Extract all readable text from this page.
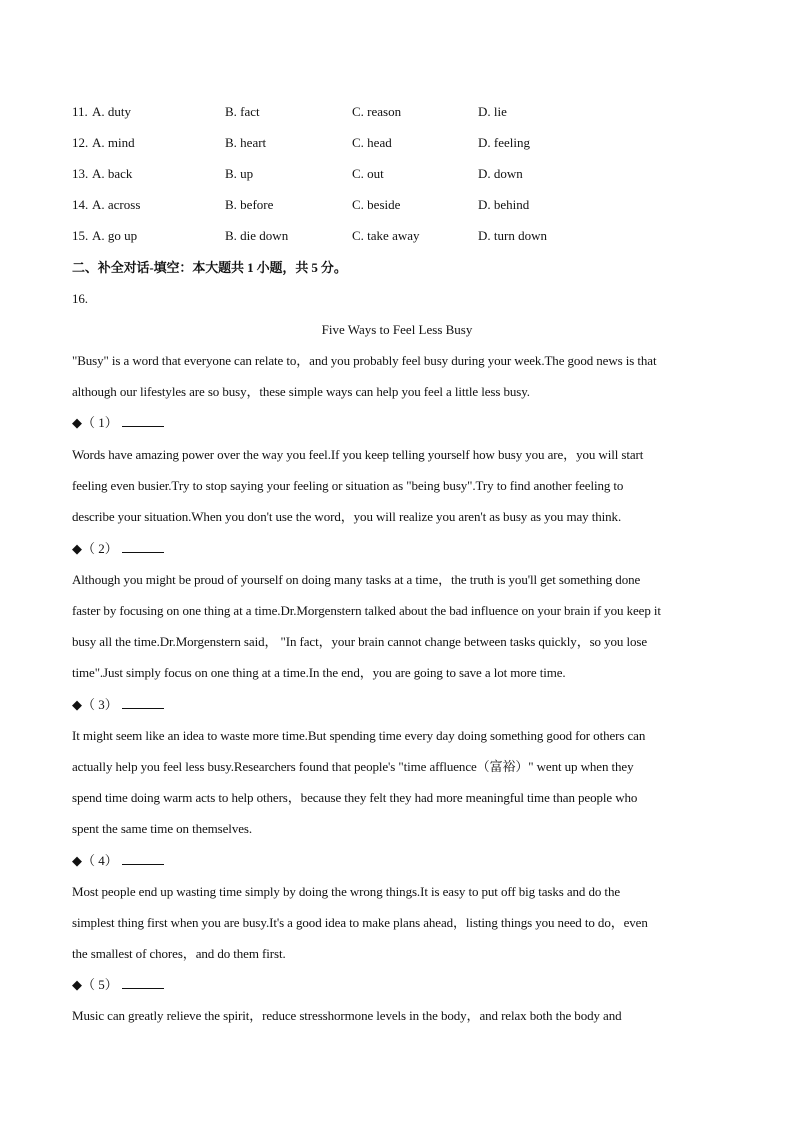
11. A. duty	B. fact	C. reason	D. lie
12. A. mind	B. heart	C. head	D. feeling
13. A. back	B. up	C. out	D. down
14. A. across	B. before	C. beside	D. behind
15. A. go up	B. die down	C. take away	D. turn down
二、补全对话-填空：本大题共 1 小题，共 5 分。
16.
Five Ways to Feel Less Busy
"Busy" is a word that everyone can relate to，and you probably feel busy during your week.The good news is that
although our lifestyles are so busy，these simple ways can help you feel a little less busy.
◆（ 1）
Words have amazing power over the way you feel.If you keep telling yourself how busy you are，you will start
feeling even busier.Try to stop saying your feeling or situation as "being busy".Try to find another feeling to
describe your situation.When you don't use the word，you will realize you aren't as busy as you may think.
◆（ 2）
Although you might be proud of yourself on doing many tasks at a time，the truth is you'll get something done
faster by focusing on one thing at a time.Dr.Morgenstern talked about the bad influence on your brain if you keep it
busy all the time.Dr.Morgenstern said， "In fact，your brain cannot change between tasks quickly，so you lose
time".Just simply focus on one thing at a time.In the end，you are going to save a lot more time.
◆（ 3）
It might seem like an idea to waste more time.But spending time every day doing something good for others can
actually help you feel less busy.Researchers found that people's "time affluence（富裕）" went up when they
spend time doing warm acts to help others，because they felt they had more meaningful time than people who
spent the same time on themselves.
◆（ 4）
Most people end up wasting time simply by doing the wrong things.It is easy to put off big tasks and do the
simplest thing first when you are busy.It's a good idea to make plans ahead，listing things you need to do，even
the smallest of chores，and do them first.
◆（ 5）
Music can greatly relieve the spirit，reduce stresshormone levels in the body，and relax both the body and
